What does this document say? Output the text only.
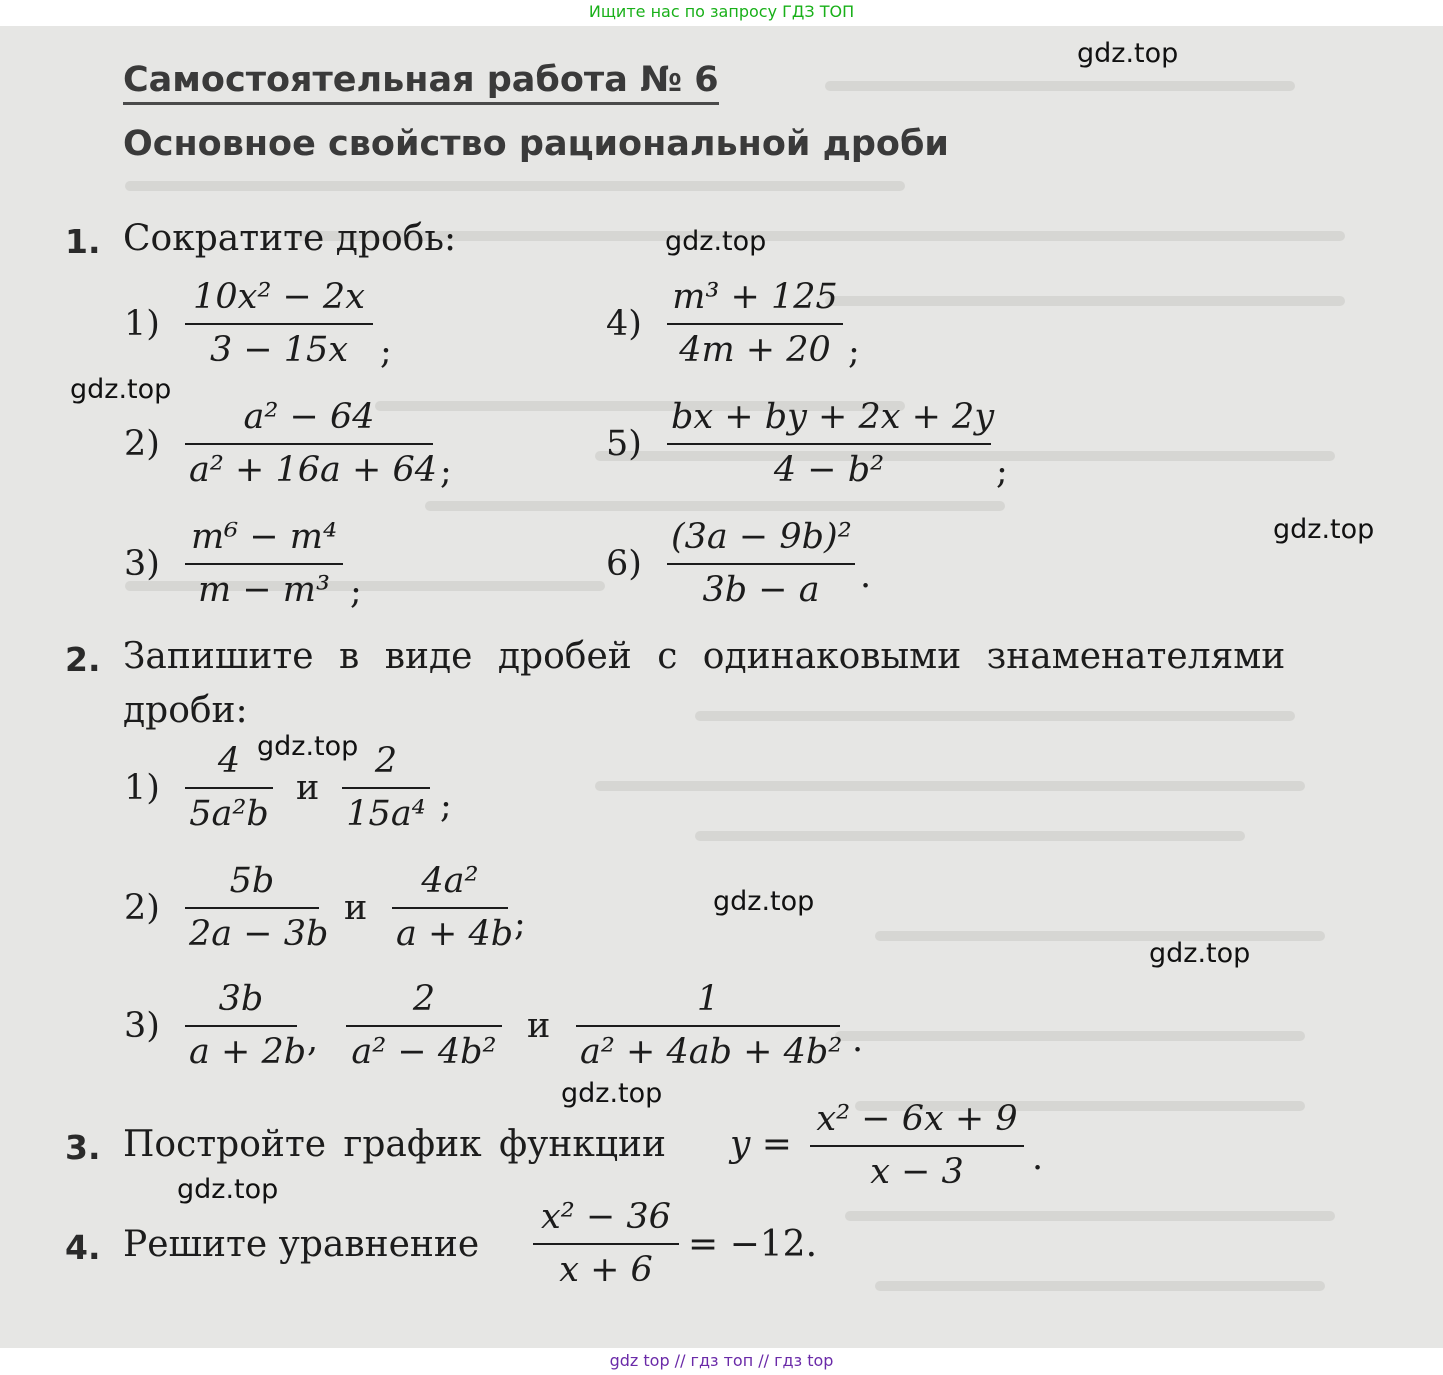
Ищите нас по запросу ГДЗ ТОП
Самостоятельная работа № 6
Основное свойство рациональной дроби
1. Сократите дробь:
1)
10x² − 2x
3 − 15x ;
2)
a² − 64
a² + 16a + 64 ;
3)
m⁶ − m⁴
m − m³ ;
4)
m³ + 125
4m + 20 ;
5)
bx + by + 2x + 2y
4 − b²	;
6)
(3a − 9b)²
3b − a	.
2. Запишите в виде дробей с одинаковыми знаменателями
дроби:
1)
4
5a²b
и
2
15a⁴ ;
2)
5b
2a − 3b
и
4a²
a + 4b ;
3)
3b
a + 2b ,
2
a² − 4b²
и
1
a² + 4ab + 4b² .
3. Постройте график функции y =
x² − 6x + 9
x − 3	.
4. Решите уравнение
x² − 36
x + 6
= −12.
gdz.top
gdz.top
gdz.top
gdz.top
gdz.top
gdz.top
gdz.top
gdz.top
gdz.top
gdz top // гдз топ // гдз top
